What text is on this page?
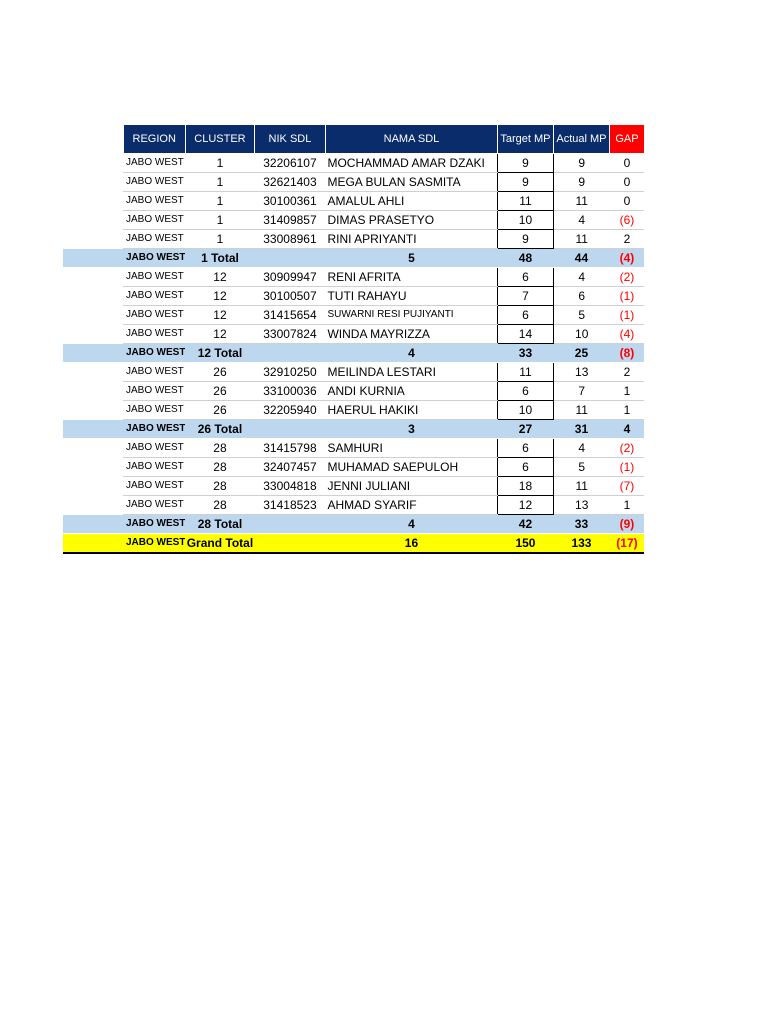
	REGION	CLUSTER	NIK SDL	NAMA SDL	Target MP	Actual MP	GAP
	JABO WEST	1	32206107	MOCHAMMAD AMAR DZAKI	9	9	0
	JABO WEST	1	32621403	MEGA BULAN SASMITA	9	9	0
	JABO WEST	1	30100361	AMALUL AHLI	11	11	0
	JABO WEST	1	31409857	DIMAS PRASETYO	10	4	(6)
	JABO WEST	1	33008961	RINI APRIYANTI	9	11	2
	JABO WEST	1 Total		5	48	44	(4)
	JABO WEST	12	30909947	RENI AFRITA	6	4	(2)
	JABO WEST	12	30100507	TUTI RAHAYU	7	6	(1)
	JABO WEST	12	31415654	SUWARNI RESI PUJIYANTI	6	5	(1)
	JABO WEST	12	33007824	WINDA MAYRIZZA	14	10	(4)
	JABO WEST	12 Total		4	33	25	(8)
	JABO WEST	26	32910250	MEILINDA LESTARI	11	13	2
	JABO WEST	26	33100036	ANDI KURNIA	6	7	1
	JABO WEST	26	32205940	HAERUL HAKIKI	10	11	1
	JABO WEST	26 Total		3	27	31	4
	JABO WEST	28	31415798	SAMHURI	6	4	(2)
	JABO WEST	28	32407457	MUHAMAD SAEPULOH	6	5	(1)
	JABO WEST	28	33004818	JENNI JULIANI	18	11	(7)
	JABO WEST	28	31418523	AHMAD SYARIF	12	13	1
	JABO WEST	28 Total		4	42	33	(9)
	JABO WEST	Grand Total		16	150	133	(17)
